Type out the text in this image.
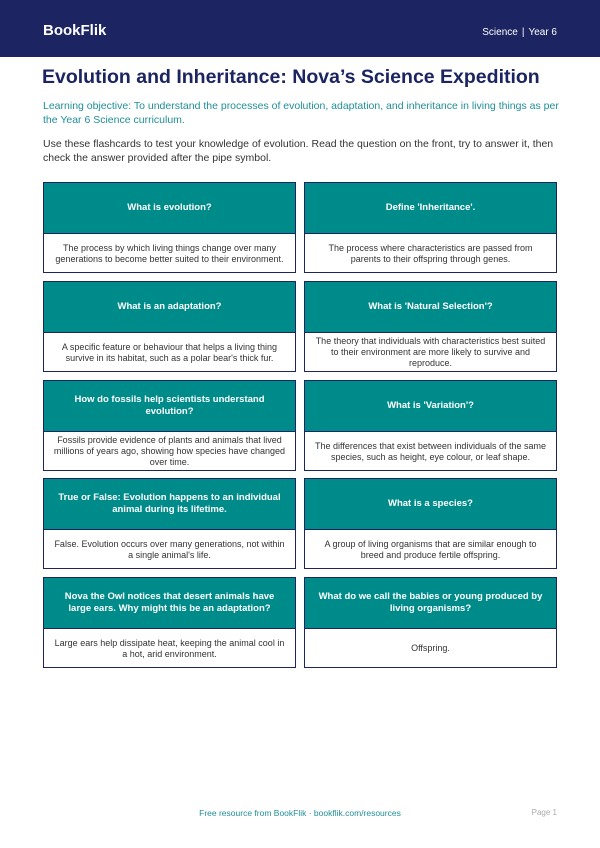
BookFlik	Science | Year 6
Evolution and Inheritance: Nova’s Science Expedition

Learning objective: To understand the processes of evolution, adaptation, and inheritance in living things as per the Year 6 Science curriculum.

Use these flashcards to test your knowledge of evolution. Read the question on the front, try to answer it, then check the answer provided after the pipe symbol.

What is evolution?
The process by which living things change over many generations to become better suited to their environment.
Define 'Inheritance'.
The process where characteristics are passed from parents to their offspring through genes.
What is an adaptation?
A specific feature or behaviour that helps a living thing survive in its habitat, such as a polar bear's thick fur.
What is 'Natural Selection'?
The theory that individuals with characteristics best suited to their environment are more likely to survive and reproduce.
How do fossils help scientists understand evolution?
Fossils provide evidence of plants and animals that lived millions of years ago, showing how species have changed over time.
What is 'Variation'?
The differences that exist between individuals of the same species, such as height, eye colour, or leaf shape.
True or False: Evolution happens to an individual animal during its lifetime.
False. Evolution occurs over many generations, not within a single animal's life.
What is a species?
A group of living organisms that are similar enough to breed and produce fertile offspring.
Nova the Owl notices that desert animals have large ears. Why might this be an adaptation?
Large ears help dissipate heat, keeping the animal cool in a hot, arid environment.
What do we call the babies or young produced by living organisms?
Offspring.
Free resource from BookFlik · bookflik.com/resources	Page 1
